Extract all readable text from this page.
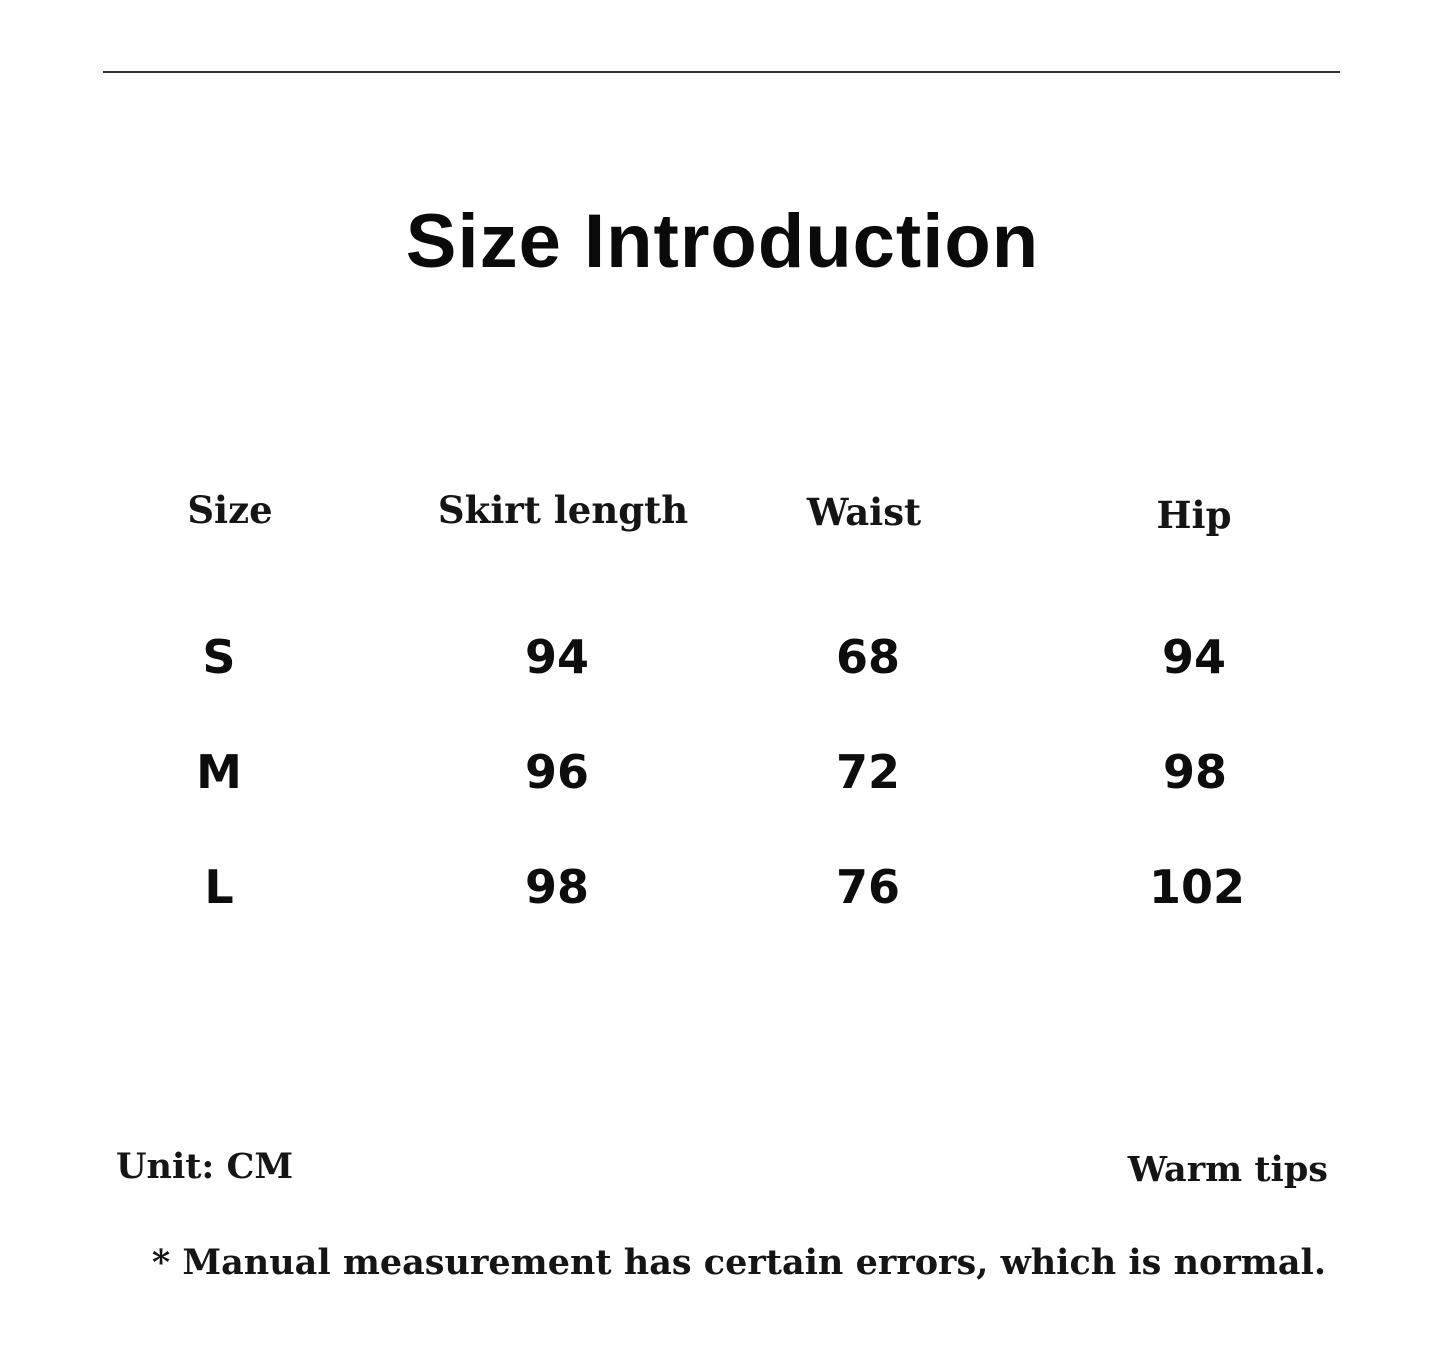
Size Introduction
Size	Skirt length	Waist	Hip
S	94	68	94
M	96	72	98
L	98	76	102
Unit: CM	Warm tips
* Manual measurement has certain errors, which is normal.
